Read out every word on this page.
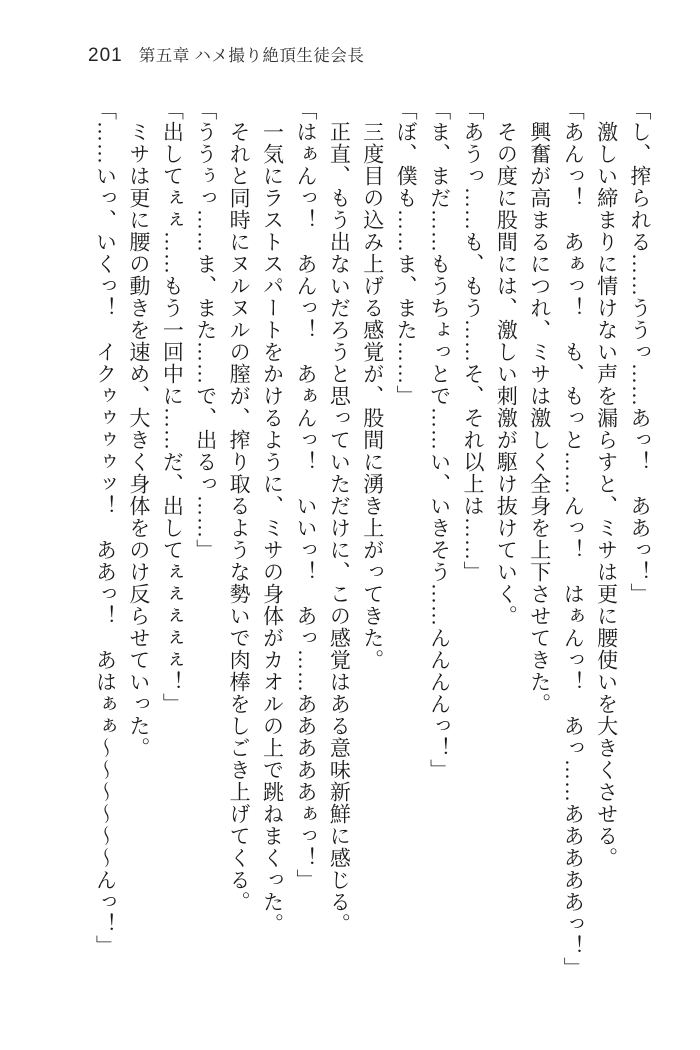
201 第五章 ハメ撮り絶頂生徒会長

「し、搾られる……ううっ……あっ！　ああっ！」

激しい締まりに情けない声を漏らすと、ミサは更に腰使いを大きくさせる。

「あんっ！　あぁっ！　も、もっと……んっ！　はぁんっ！　あっ……あああああっ！」

興奮が高まるにつれ、ミサは激しく全身を上下させてきた。

その度に股間には、激しい刺激が駆け抜けていく。

「あうっ……も、もう……そ、それ以上は……」

「ま、まだ……もうちょっとで……い、いきそう……んんんんっ！」

「ぼ、僕も……ま、また……」

三度目の込み上げる感覚が、股間に湧き上がってきた。

正直、もう出ないだろうと思っていただけに、この感覚はある意味新鮮に感じる。

「はぁんっ！　あんっ！　あぁんっ！　いいっ！　あっ……あああああぁっ！」

一気にラストスパートをかけるように、ミサの身体がカオルの上で跳ねまくった。

それと同時にヌルヌルの膣が、搾り取るような勢いで肉棒をしごき上げてくる。

「ううぅっ……ま、また……で、出るっ……」

「出してぇぇ……もう一回中に……だ、出してぇぇぇぇぇ！」

ミサは更に腰の動きを速め、大きく身体をのけ反らせていった。

「……いっ、いくっ！　イクゥゥゥゥッ！　ああっ！　あはぁぁ～～～～～～んっ！」
